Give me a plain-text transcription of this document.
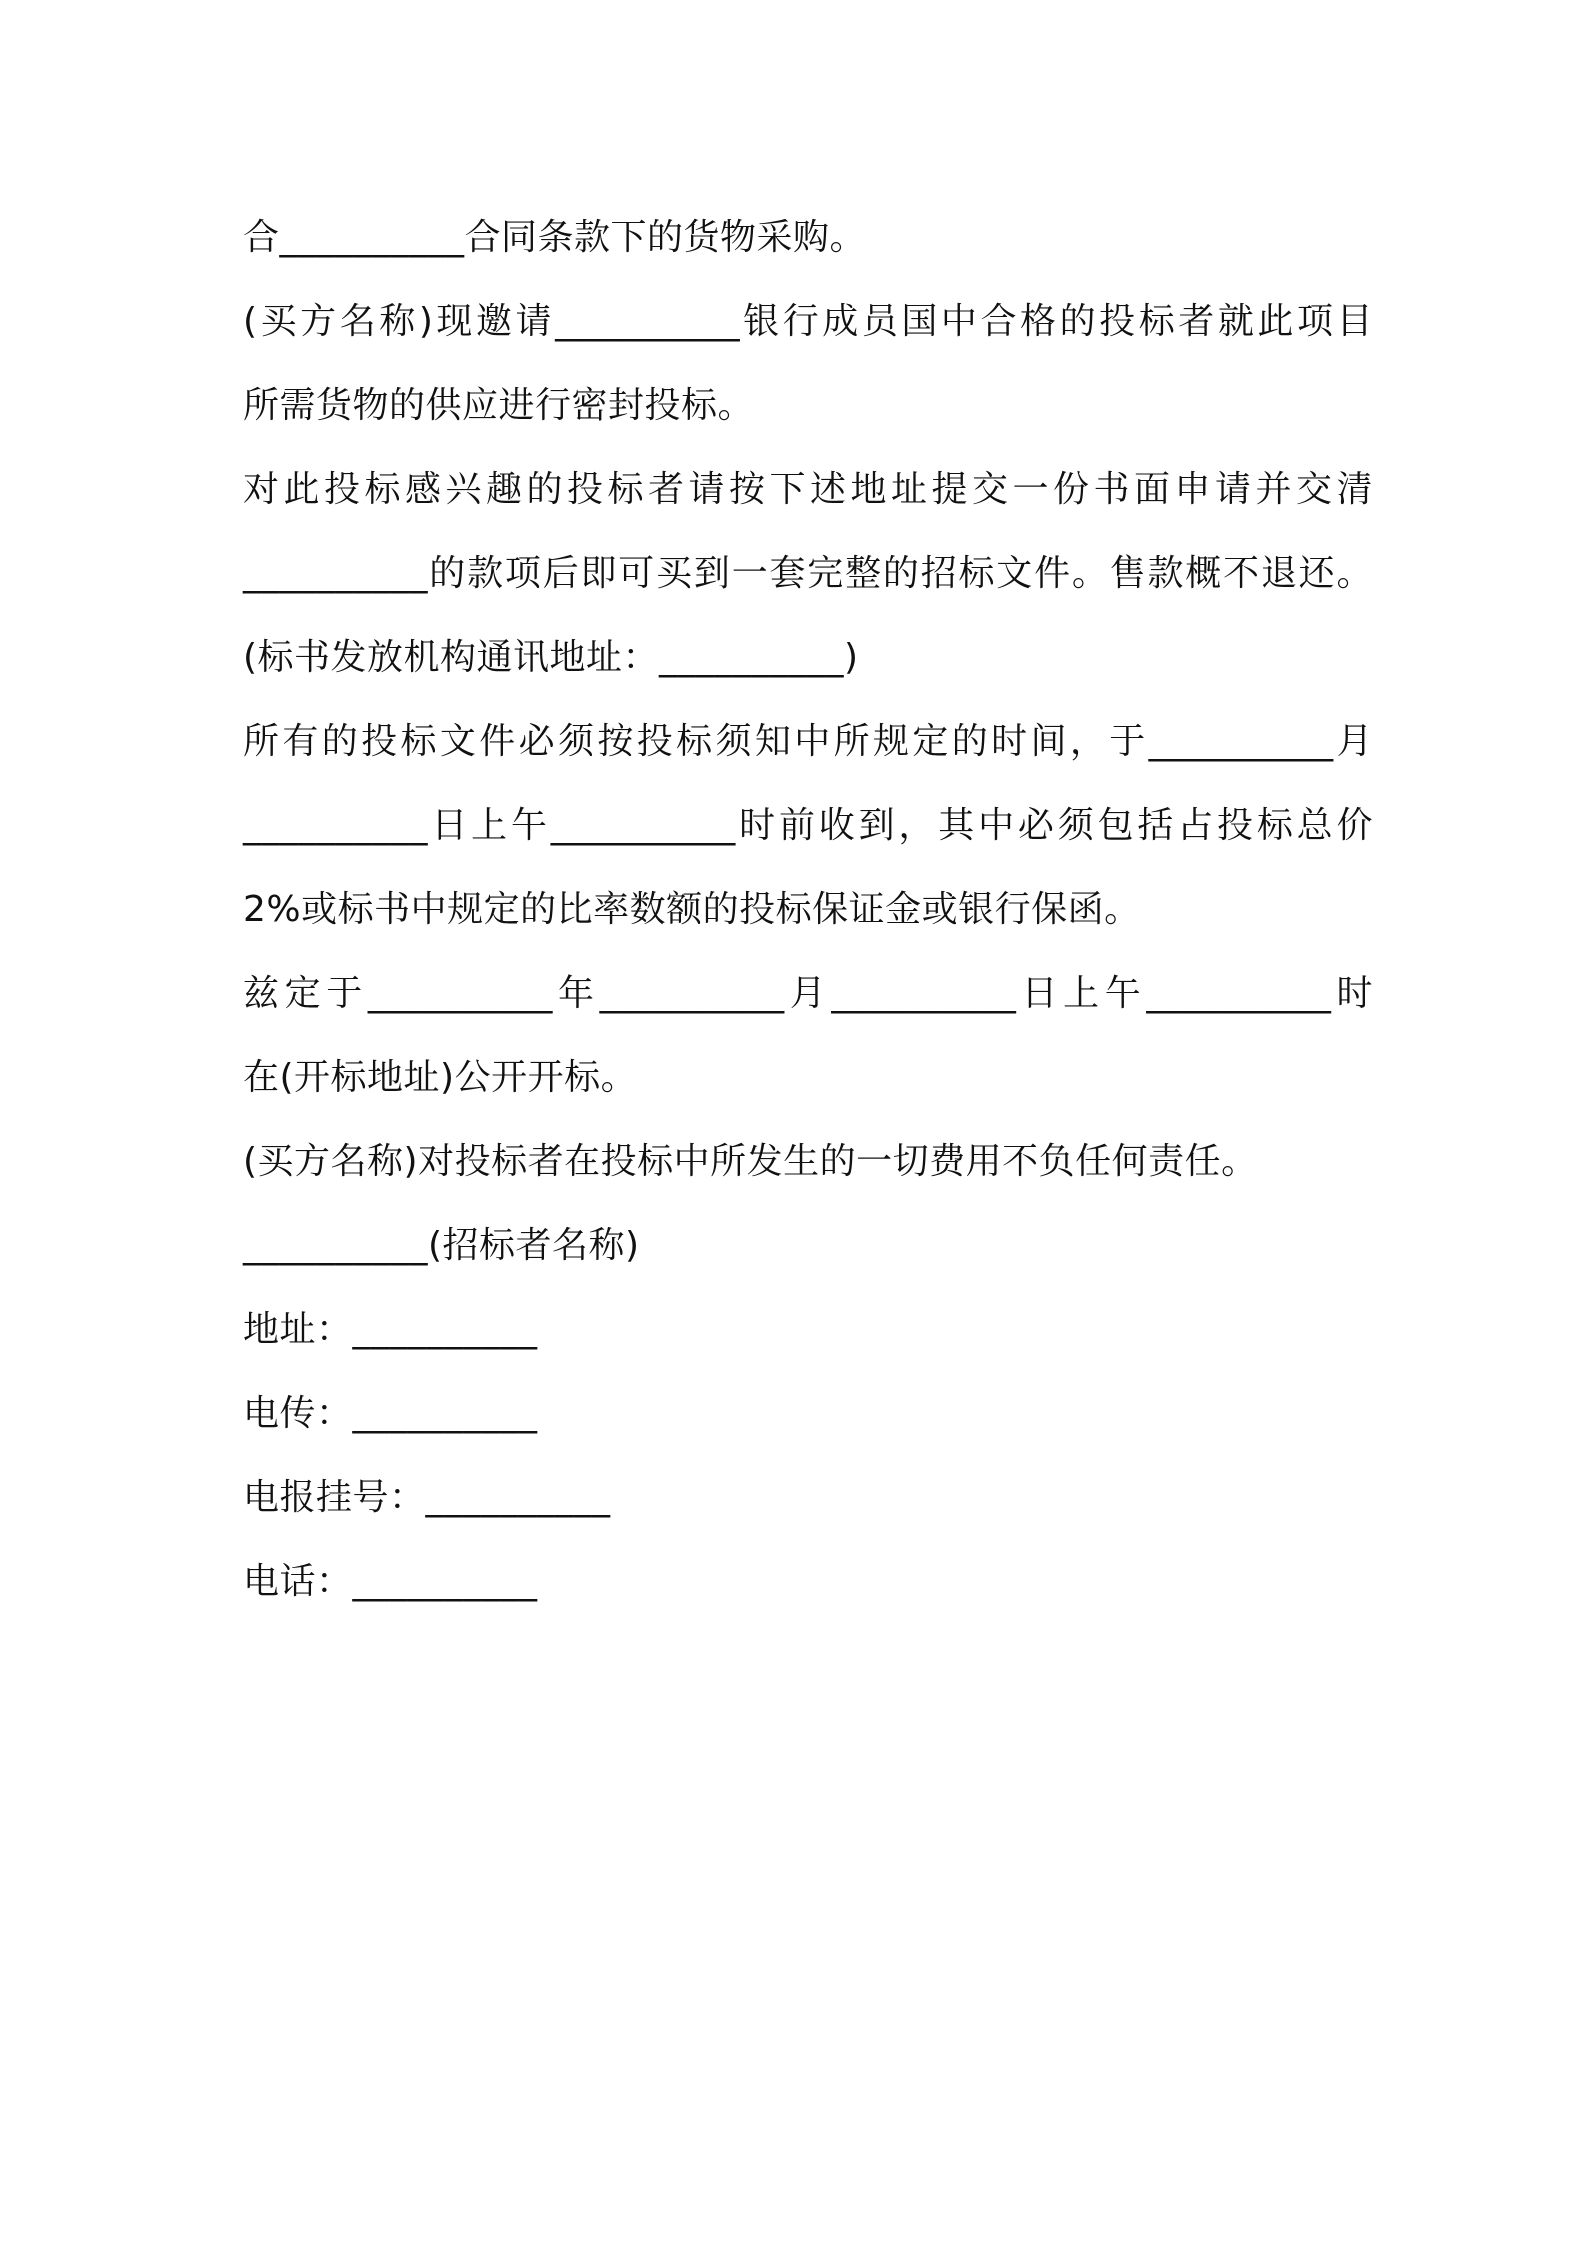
合__________合同条款下的货物采购。
(买方名称)现邀请__________银行成员国中合格的投标者就此项目
所需货物的供应进行密封投标。
对此投标感兴趣的投标者请按下述地址提交一份书面申请并交清
__________的款项后即可买到一套完整的招标文件。售款概不退还。
(标书发放机构通讯地址：__________)
所有的投标文件必须按投标须知中所规定的时间，于__________月
__________日上午__________时前收到，其中必须包括占投标总价
2%或标书中规定的比率数额的投标保证金或银行保函。
兹定于__________年__________月__________日上午__________时
在(开标地址)公开开标。
(买方名称)对投标者在投标中所发生的一切费用不负任何责任。
__________(招标者名称)
地址：__________
电传：__________
电报挂号：__________
电话：__________
